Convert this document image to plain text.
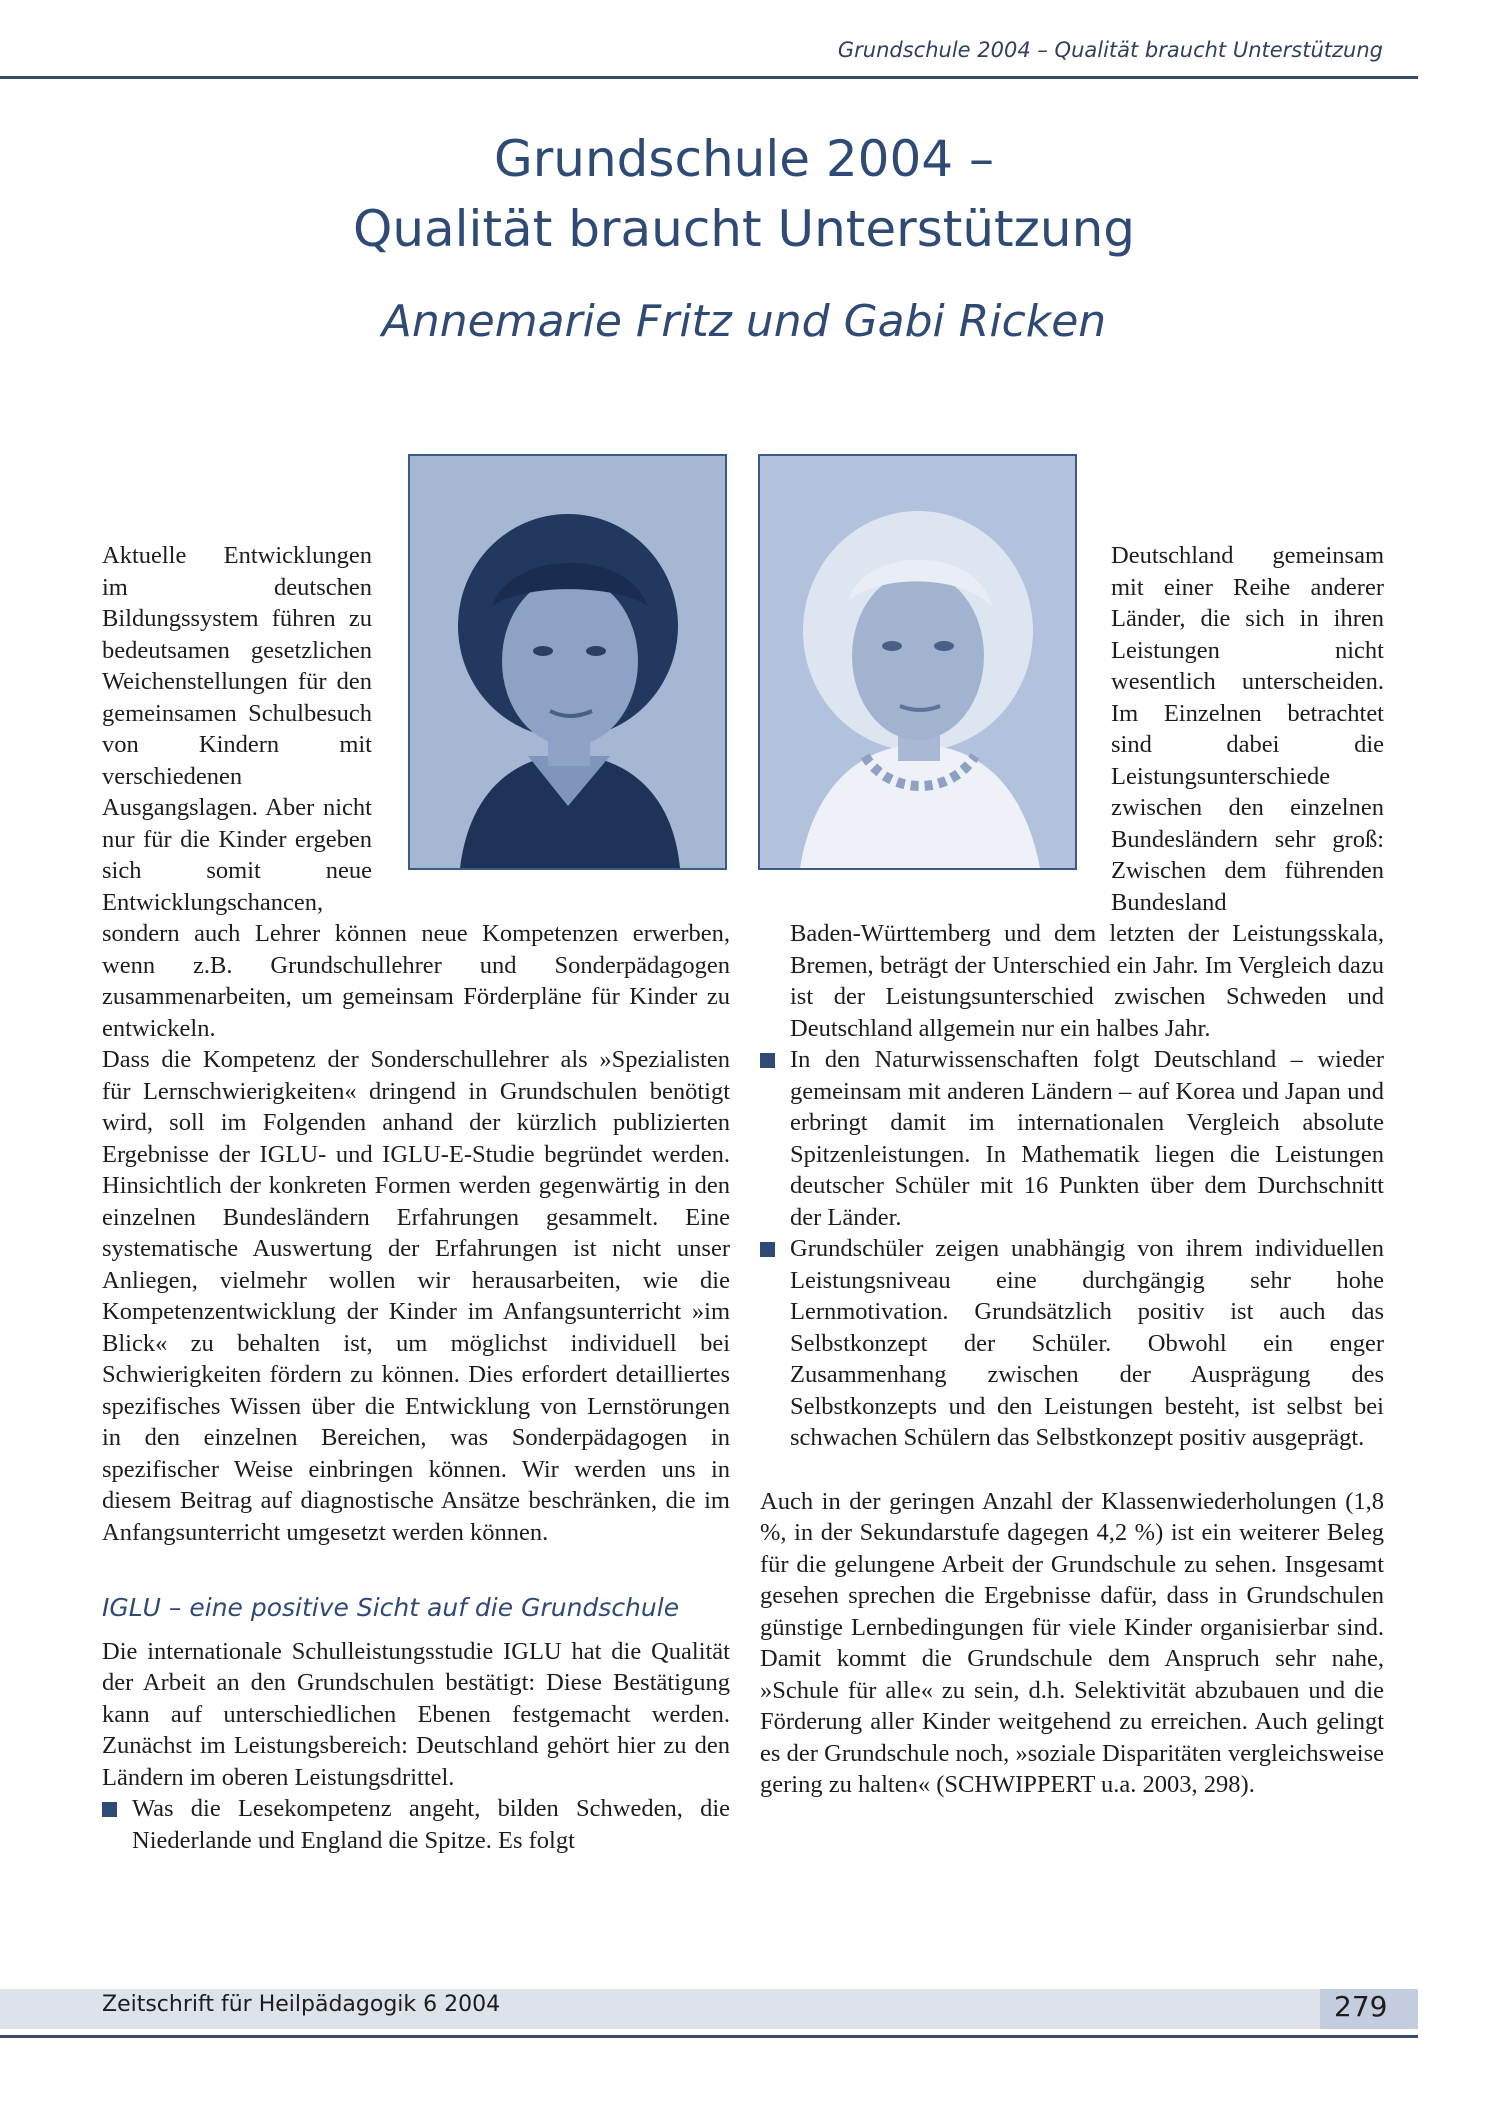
Grundschule 2004 – Qualität braucht Unterstützung
Grundschule 2004 –
Qualität braucht Unterstützung
Annemarie Fritz und Gabi Ricken

Aktuelle Entwicklungen im deutschen Bildungssystem führen zu bedeutsamen gesetzlichen Weichenstellungen für den gemeinsamen Schulbesuch von Kindern mit verschiedenen Ausgangslagen. Aber nicht nur für die Kinder ergeben sich somit neue Entwicklungschancen,

sondern auch Lehrer können neue Kompetenzen erwerben, wenn z.B. Grundschullehrer und Sonderpädagogen zusammenarbeiten, um gemeinsam Förderpläne für Kinder zu entwickeln.

Dass die Kompetenz der Sonderschullehrer als »Spezialisten für Lernschwierigkeiten« dringend in Grundschulen benötigt wird, soll im Folgenden anhand der kürzlich publizierten Ergebnisse der IGLU- und IGLU-E-Studie begründet werden. Hinsichtlich der konkreten Formen werden gegenwärtig in den einzelnen Bundesländern Erfahrungen gesammelt. Eine systematische Auswertung der Erfahrungen ist nicht unser Anliegen, vielmehr wollen wir herausarbeiten, wie die Kompetenzentwicklung der Kinder im Anfangsunterricht »im Blick« zu behalten ist, um möglichst individuell bei Schwierigkeiten fördern zu können. Dies erfordert detailliertes spezifisches Wissen über die Entwicklung von Lernstörungen in den einzelnen Bereichen, was Sonderpädagogen in spezifischer Weise einbringen können. Wir werden uns in diesem Beitrag auf diagnostische Ansätze beschränken, die im Anfangsunterricht umgesetzt werden können.

IGLU – eine positive Sicht auf die Grundschule

Die internationale Schulleistungsstudie IGLU hat die Qualität der Arbeit an den Grundschulen bestätigt: Diese Bestätigung kann auf unterschiedlichen Ebenen festgemacht werden. Zunächst im Leistungsbereich: Deutschland gehört hier zu den Ländern im oberen Leistungsdrittel.

Was die Lesekompetenz angeht, bilden Schweden, die Niederlande und England die Spitze. Es folgt

Deutschland gemeinsam mit einer Reihe anderer Länder, die sich in ihren Leistungen nicht wesentlich unterscheiden. Im Einzelnen betrachtet sind dabei die Leistungsunterschiede zwischen den einzelnen Bundesländern sehr groß: Zwischen dem führenden Bundesland

Baden-Württemberg und dem letzten der Leistungsskala, Bremen, beträgt der Unterschied ein Jahr. Im Vergleich dazu ist der Leistungsunterschied zwischen Schweden und Deutschland allgemein nur ein halbes Jahr.

In den Naturwissenschaften folgt Deutschland – wieder gemeinsam mit anderen Ländern – auf Korea und Japan und erbringt damit im internationalen Vergleich absolute Spitzenleistungen. In Mathematik liegen die Leistungen deutscher Schüler mit 16 Punkten über dem Durchschnitt der Länder.
Grundschüler zeigen unabhängig von ihrem individuellen Leistungsniveau eine durchgängig sehr hohe Lernmotivation. Grundsätzlich positiv ist auch das Selbstkonzept der Schüler. Obwohl ein enger Zusammenhang zwischen der Ausprägung des Selbstkonzepts und den Leistungen besteht, ist selbst bei schwachen Schülern das Selbstkonzept positiv ausgeprägt.

Auch in der geringen Anzahl der Klassenwiederholungen (1,8 %, in der Sekundarstufe dagegen 4,2 %) ist ein weiterer Beleg für die gelungene Arbeit der Grundschule zu sehen. Insgesamt gesehen sprechen die Ergebnisse dafür, dass in Grundschulen günstige Lernbedingungen für viele Kinder organisierbar sind. Damit kommt die Grundschule dem Anspruch sehr nahe, »Schule für alle« zu sein, d.h. Selektivität abzubauen und die Förderung aller Kinder weitgehend zu erreichen. Auch gelingt es der Grundschule noch, »soziale Disparitäten vergleichsweise gering zu halten« (SCHWIPPERT u.a. 2003, 298).

Zeitschrift für Heilpädagogik 6 2004	279
